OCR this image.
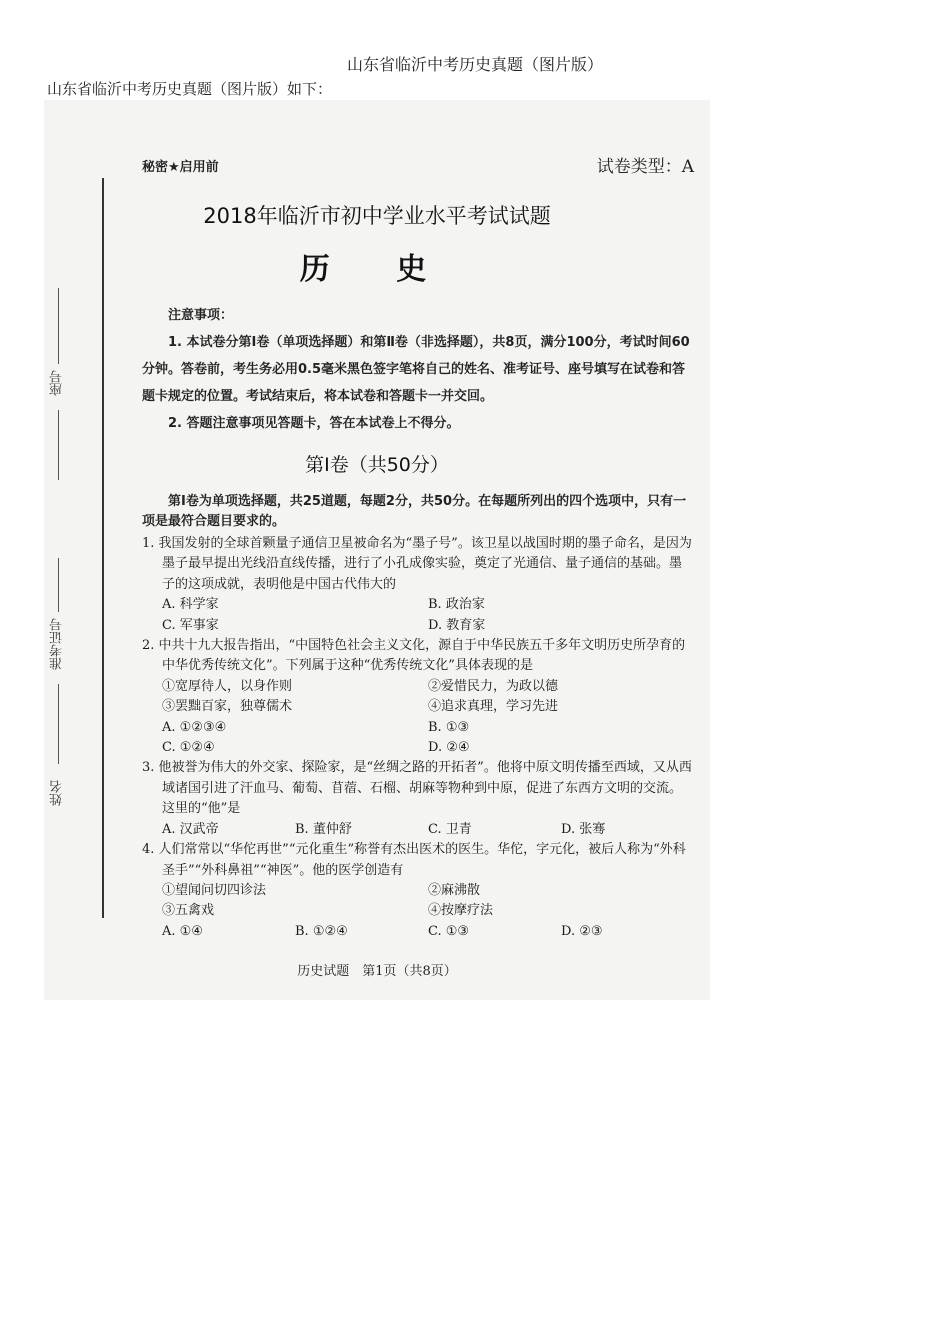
山东省临沂中考历史真题（图片版）
山东省临沂中考历史真题（图片版）如下：
座号
准考证号
姓名
秘密★启用前	试卷类型：A
2018年临沂市初中学业水平考试试题
历 史
注意事项：
1. 本试卷分第Ⅰ卷（单项选择题）和第Ⅱ卷（非选择题），共8页，满分100分，考试时间60分钟。答卷前，考生务必用0.5毫米黑色签字笔将自己的姓名、准考证号、座号填写在试卷和答题卡规定的位置。考试结束后，将本试卷和答题卡一并交回。
2. 答题注意事项见答题卡，答在本试卷上不得分。
第Ⅰ卷（共50分）
第Ⅰ卷为单项选择题，共25道题，每题2分，共50分。在每题所列出的四个选项中，只有一项是最符合题目要求的。
1. 我国发射的全球首颗量子通信卫星被命名为“墨子号”。该卫星以战国时期的墨子命名，是因为墨子最早提出光线沿直线传播，进行了小孔成像实验，奠定了光通信、量子通信的基础。墨子的这项成就，表明他是中国古代伟大的
A. 科学家	B. 政治家
C. 军事家	D. 教育家
2. 中共十九大报告指出，“中国特色社会主义文化，源自于中华民族五千多年文明历史所孕育的中华优秀传统文化”。下列属于这种“优秀传统文化”具体表现的是
①宽厚待人，以身作则	②爱惜民力，为政以德
③罢黜百家，独尊儒术	④追求真理，学习先进
A. ①②③④	B. ①③
C. ①②④	D. ②④
3. 他被誉为伟大的外交家、探险家，是“丝绸之路的开拓者”。他将中原文明传播至西域，又从西域诸国引进了汗血马、葡萄、苜蓿、石榴、胡麻等物种到中原，促进了东西方文明的交流。这里的“他”是
A. 汉武帝	B. 董仲舒	C. 卫青	D. 张骞
4. 人们常常以“华佗再世”“元化重生”称誉有杰出医术的医生。华佗，字元化，被后人称为“外科圣手”“外科鼻祖”“神医”。他的医学创造有
①望闻问切四诊法	②麻沸散
③五禽戏	④按摩疗法
A. ①④	B. ①②④	C. ①③	D. ②③
历史试题　第1页（共8页）
